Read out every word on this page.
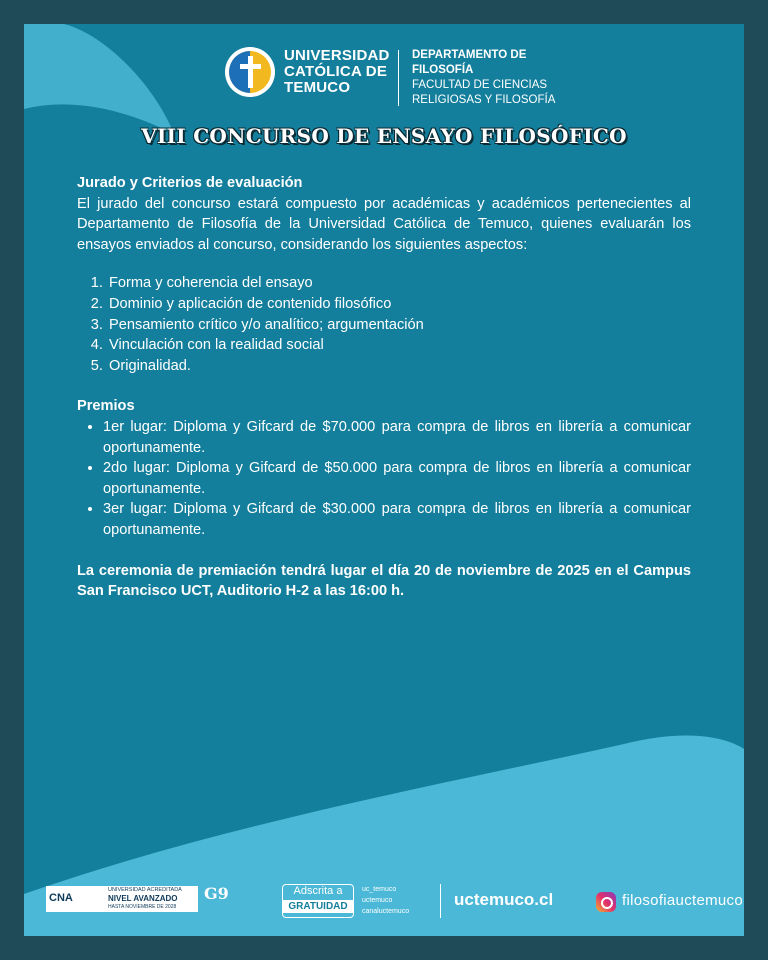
UNIVERSIDAD
CATÓLICA DE
TEMUCO
DEPARTAMENTO DE
FILOSOFÍA
FACULTAD DE CIENCIAS
RELIGIOSAS Y FILOSOFÍA
VIII CONCURSO DE ENSAYO FILOSÓFICO
Jurado y Criterios de evaluación

El jurado del concurso estará compuesto por académicas y académicos pertenecientes al Departamento de Filosofía de la Universidad Católica de Temuco, quienes evaluarán los ensayos enviados al concurso, considerando los siguientes aspectos:

1. Forma y coherencia del ensayo
2. Dominio y aplicación de contenido filosófico
3. Pensamiento crítico y/o analítico; argumentación
4. Vinculación con la realidad social
5. Originalidad.
Premios
• 1er lugar: Diploma y Gifcard de $70.000 para compra de libros en librería a comunicar oportunamente.
• 2do lugar: Diploma y Gifcard de $50.000 para compra de libros en librería a comunicar oportunamente.
• 3er lugar: Diploma y Gifcard de $30.000 para compra de libros en librería a comunicar oportunamente.
La ceremonia de premiación tendrá lugar el día 20 de noviembre de 2025 en el Campus San Francisco UCT, Auditorio H-2 a las 16:00 h.
CNA
UNIVERSIDAD ACREDITADA
NIVEL AVANZADO
HASTA NOVIEMBRE DE 2028
G9	Adscrita a
GRATUIDAD
uc_temuco
uctemuco
canaluctemuco
uctemuco.cl	filosofiauctemuco
